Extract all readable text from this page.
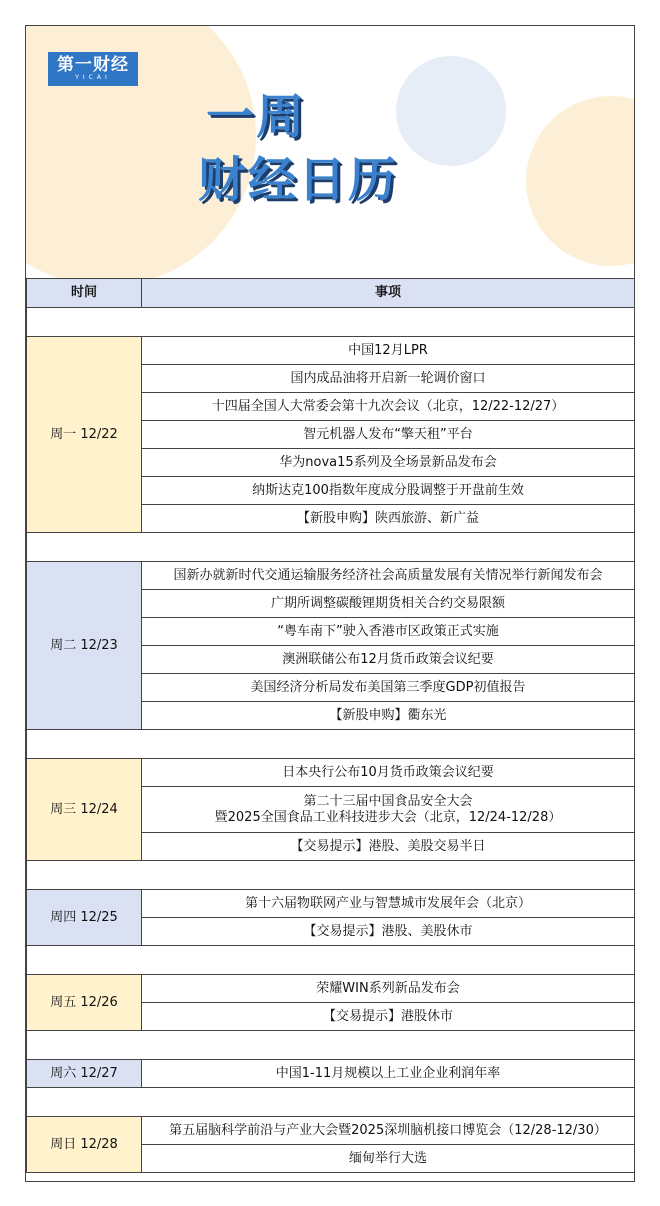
第一财经
YICAI
一周
财经日历
时间	事项

周一 12/22	中国12月LPR
	国内成品油将开启新一轮调价窗口
	十四届全国人大常委会第十九次会议（北京，12/22-12/27）
	智元机器人发布“擎天租”平台
	华为nova15系列及全场景新品发布会
	纳斯达克100指数年度成分股调整于开盘前生效
	【新股申购】陕西旅游、新广益

周二 12/23	国新办就新时代交通运输服务经济社会高质量发展有关情况举行新闻发布会
	广期所调整碳酸锂期货相关合约交易限额
	“粤车南下”驶入香港市区政策正式实施
	澳洲联储公布12月货币政策会议纪要
	美国经济分析局发布美国第三季度GDP初值报告
	【新股申购】衢东光

周三 12/24	日本央行公布10月货币政策会议纪要

	第二十三届中国食品安全大会
暨2025全国食品工业科技进步大会（北京，12/24-12/28）

	【交易提示】港股、美股交易半日

周四 12/25	第十六届物联网产业与智慧城市发展年会（北京）
	【交易提示】港股、美股休市

周五 12/26	荣耀WIN系列新品发布会
	【交易提示】港股休市

周六 12/27	中国1-11月规模以上工业企业利润年率

周日 12/28	第五届脑科学前沿与产业大会暨2025深圳脑机接口博览会（12/28-12/30）
	缅甸举行大选
